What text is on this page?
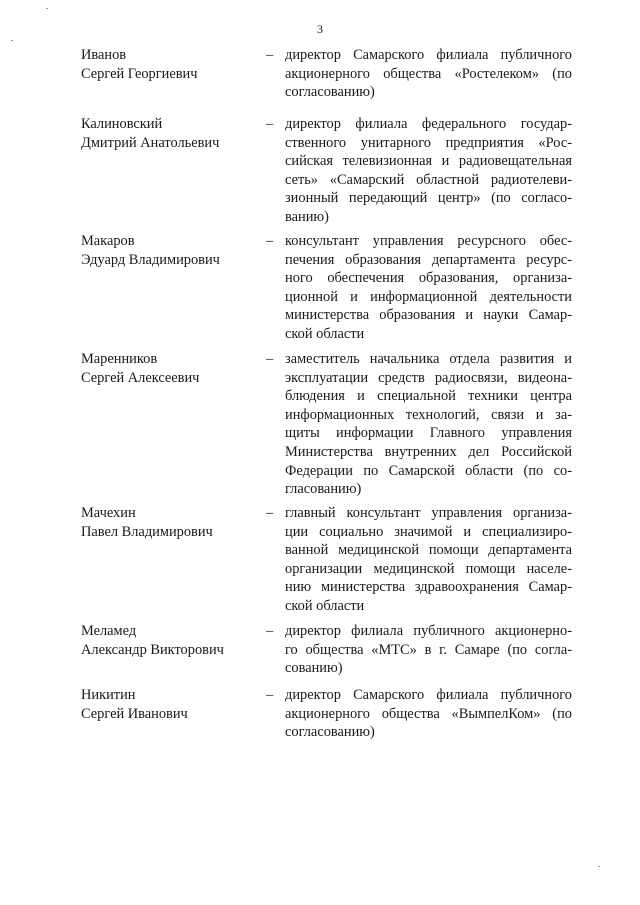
3
Иванов
Сергей Георгиевич
– директор Самарского филиала публичного
акционерного общества «Ростелеком» (по
согласованию)
Калиновский
Дмитрий Анатольевич
– директор филиала федерального государ-
ственного унитарного предприятия «Рос-
сийская телевизионная и радиовещательная
сеть» «Самарский областной радиотелеви-
зионный передающий центр» (по согласо-
ванию)
Макаров
Эдуард Владимирович
– консультант управления ресурсного обес-
печения образования департамента ресурс-
ного обеспечения образования, организа-
ционной и информационной деятельности
министерства образования и науки Самар-
ской области
Маренников
Сергей Алексеевич
– заместитель начальника отдела развития и
эксплуатации средств радиосвязи, видеона-
блюдения и специальной техники центра
информационных технологий, связи и за-
щиты информации Главного управления
Министерства внутренних дел Российской
Федерации по Самарской области (по со-
гласованию)
Мачехин
Павел Владимирович
– главный консультант управления организа-
ции социально значимой и специализиро-
ванной медицинской помощи департамента
организации медицинской помощи населе-
нию министерства здравоохранения Самар-
ской области
Меламед
Александр Викторович
– директор филиала публичного акционерно-
го общества «МТС» в г. Самаре (по согла-
сованию)
Никитин
Сергей Иванович
– директор Самарского филиала публичного
акционерного общества «ВымпелКом» (по
согласованию)
